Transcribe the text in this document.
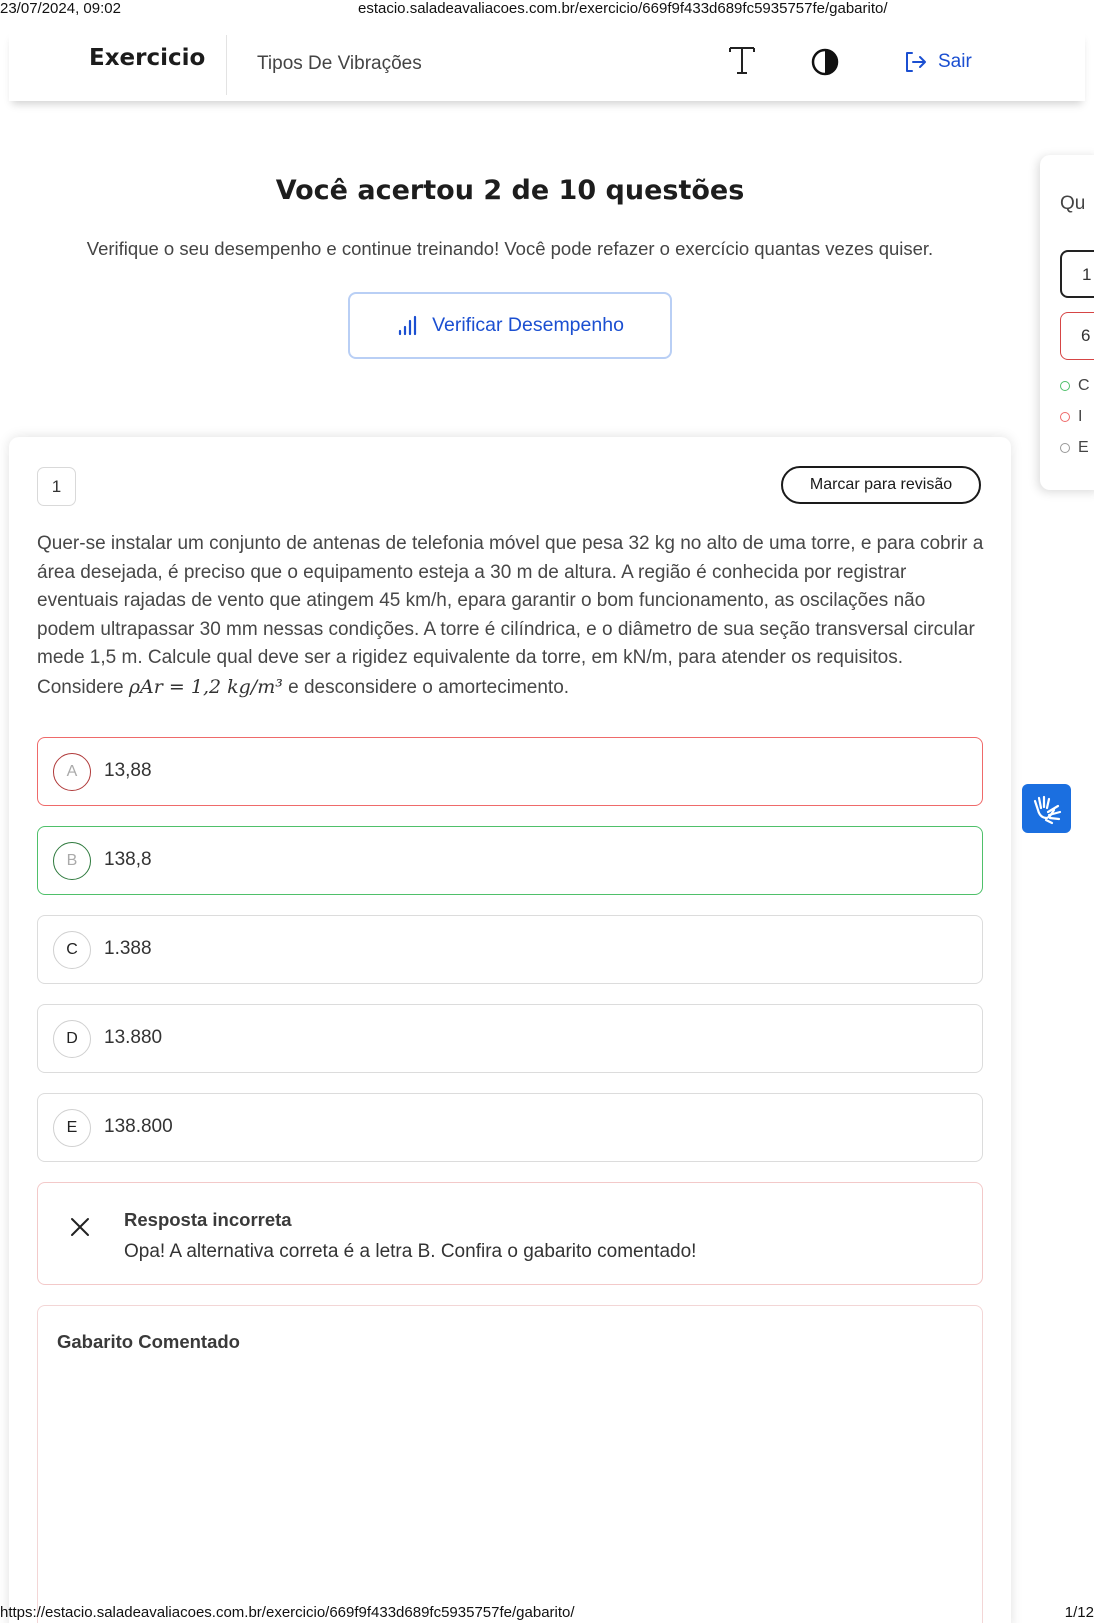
23/07/2024, 09:02	estacio.saladeavaliacoes.com.br/exercicio/669f9f433d689fc5935757fe/gabarito/
Exercicio	Tipos De Vibrações	Sair
Você acertou 2 de 10 questões
Verifique o seu desempenho e continue treinando! Você pode refazer o exercício quantas vezes quiser.
Verificar Desempenho
Qu
1
6
C
I
E
1	Marcar para revisão
Quer-se instalar um conjunto de antenas de telefonia móvel que pesa 32 kg no alto de uma torre, e para cobrir a área desejada, é preciso que o equipamento esteja a 30 m de altura. A região é conhecida por registrar eventuais rajadas de vento que atingem 45 km/h, epara garantir o bom funcionamento, as oscilações não podem ultrapassar 30 mm nessas condições. A torre é cilíndrica, e o diâmetro de sua seção transversal circular mede 1,5 m. Calcule qual deve ser a rigidez equivalente da torre, em kN/m, para atender os requisitos. Considere ρAr = 1,2 kg/m³ e desconsidere o amortecimento.
A	13,88
B	138,8
C	1.388
D	13.880
E	138.800
Resposta incorreta
Opa! A alternativa correta é a letra B. Confira o gabarito comentado!
Gabarito Comentado
https://estacio.saladeavaliacoes.com.br/exercicio/669f9f433d689fc5935757fe/gabarito/	1/12
